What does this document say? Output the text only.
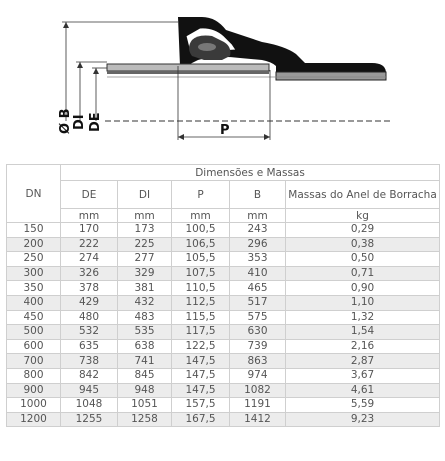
Ø B DI DE	P
DN	Dimensões e Massas				
	DE	DI	P	B	Massas do Anel de Borracha
	mm	mm	mm	mm	kg
150	170	173	100,5	243	0,29
200	222	225	106,5	296	0,38
250	274	277	105,5	353	0,50
300	326	329	107,5	410	0,71
350	378	381	110,5	465	0,90
400	429	432	112,5	517	1,10
450	480	483	115,5	575	1,32
500	532	535	117,5	630	1,54
600	635	638	122,5	739	2,16
700	738	741	147,5	863	2,87
800	842	845	147,5	974	3,67
900	945	948	147,5	1082	4,61
1000	1048	1051	157,5	1191	5,59
1200	1255	1258	167,5	1412	9,23
